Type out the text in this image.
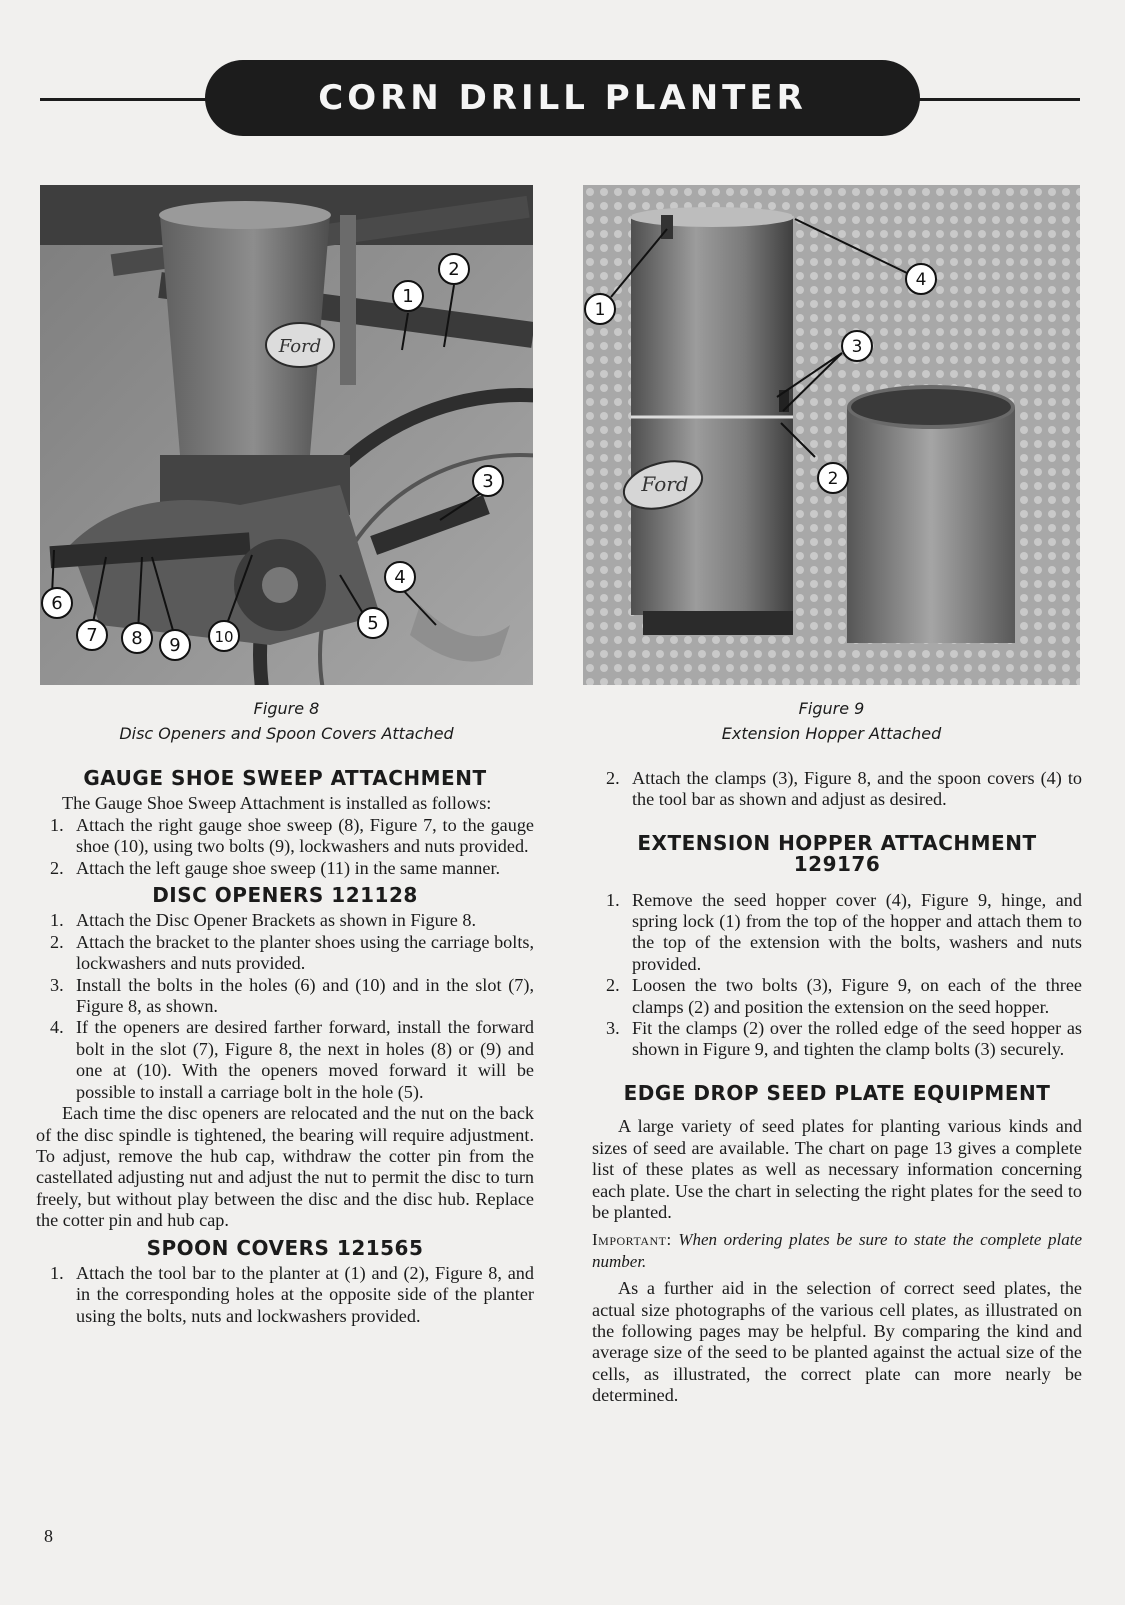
CORN DRILL PLANTER
Ford
1
2
3
4
5
6
7 8 9 10
Ford
1
2
3
4
Figure 8
Disc Openers and Spoon Covers Attached
Figure 9
Extension Hopper Attached
GAUGE SHOE SWEEP ATTACHMENT

The Gauge Shoe Sweep Attachment is installed as follows:

1. Attach the right gauge shoe sweep (8), Figure 7, to the gauge shoe (10), using two bolts (9), lockwashers and nuts provided.
2. Attach the left gauge shoe sweep (11) in the same manner.
DISC OPENERS 121128
1. Attach the Disc Opener Brackets as shown in Figure 8.
2. Attach the bracket to the planter shoes using the carriage bolts, lockwashers and nuts provided.
3. Install the bolts in the holes (6) and (10) and in the slot (7), Figure 8, as shown.
4. If the openers are desired farther forward, install the forward bolt in the slot (7), Figure 8, the next in holes (8) or (9) and one at (10). With the openers moved forward it will be possible to install a carriage bolt in the hole (5).

Each time the disc openers are relocated and the nut on the back of the disc spindle is tightened, the bearing will require adjustment. To adjust, remove the hub cap, withdraw the cotter pin from the castellated adjusting nut and adjust the nut to permit the disc to turn freely, but without play between the disc and the disc hub. Replace the cotter pin and hub cap.

SPOON COVERS 121565
1. Attach the tool bar to the planter at (1) and (2), Figure 8, and in the corresponding holes at the opposite side of the planter using the bolts, nuts and lockwashers provided.
2. Attach the clamps (3), Figure 8, and the spoon covers (4) to the tool bar as shown and adjust as desired.
EXTENSION HOPPER ATTACHMENT 129176
1. Remove the seed hopper cover (4), Figure 9, hinge, and spring lock (1) from the top of the hopper and attach them to the top of the extension with the bolts, washers and nuts provided.
2. Loosen the two bolts (3), Figure 9, on each of the three clamps (2) and position the extension on the seed hopper.
3. Fit the clamps (2) over the rolled edge of the seed hopper as shown in Figure 9, and tighten the clamp bolts (3) securely.
EDGE DROP SEED PLATE EQUIPMENT

A large variety of seed plates for planting various kinds and sizes of seed are available. The chart on page 13 gives a complete list of these plates as well as necessary information concerning each plate. Use the chart in selecting the right plates for the seed to be planted.

Important: When ordering plates be sure to state the complete plate number.

As a further aid in the selection of correct seed plates, the actual size photographs of the various cell plates, as illustrated on the following pages may be helpful. By comparing the kind and average size of the seed to be planted against the actual size of the cells, as illustrated, the correct plate can more nearly be determined.

8
